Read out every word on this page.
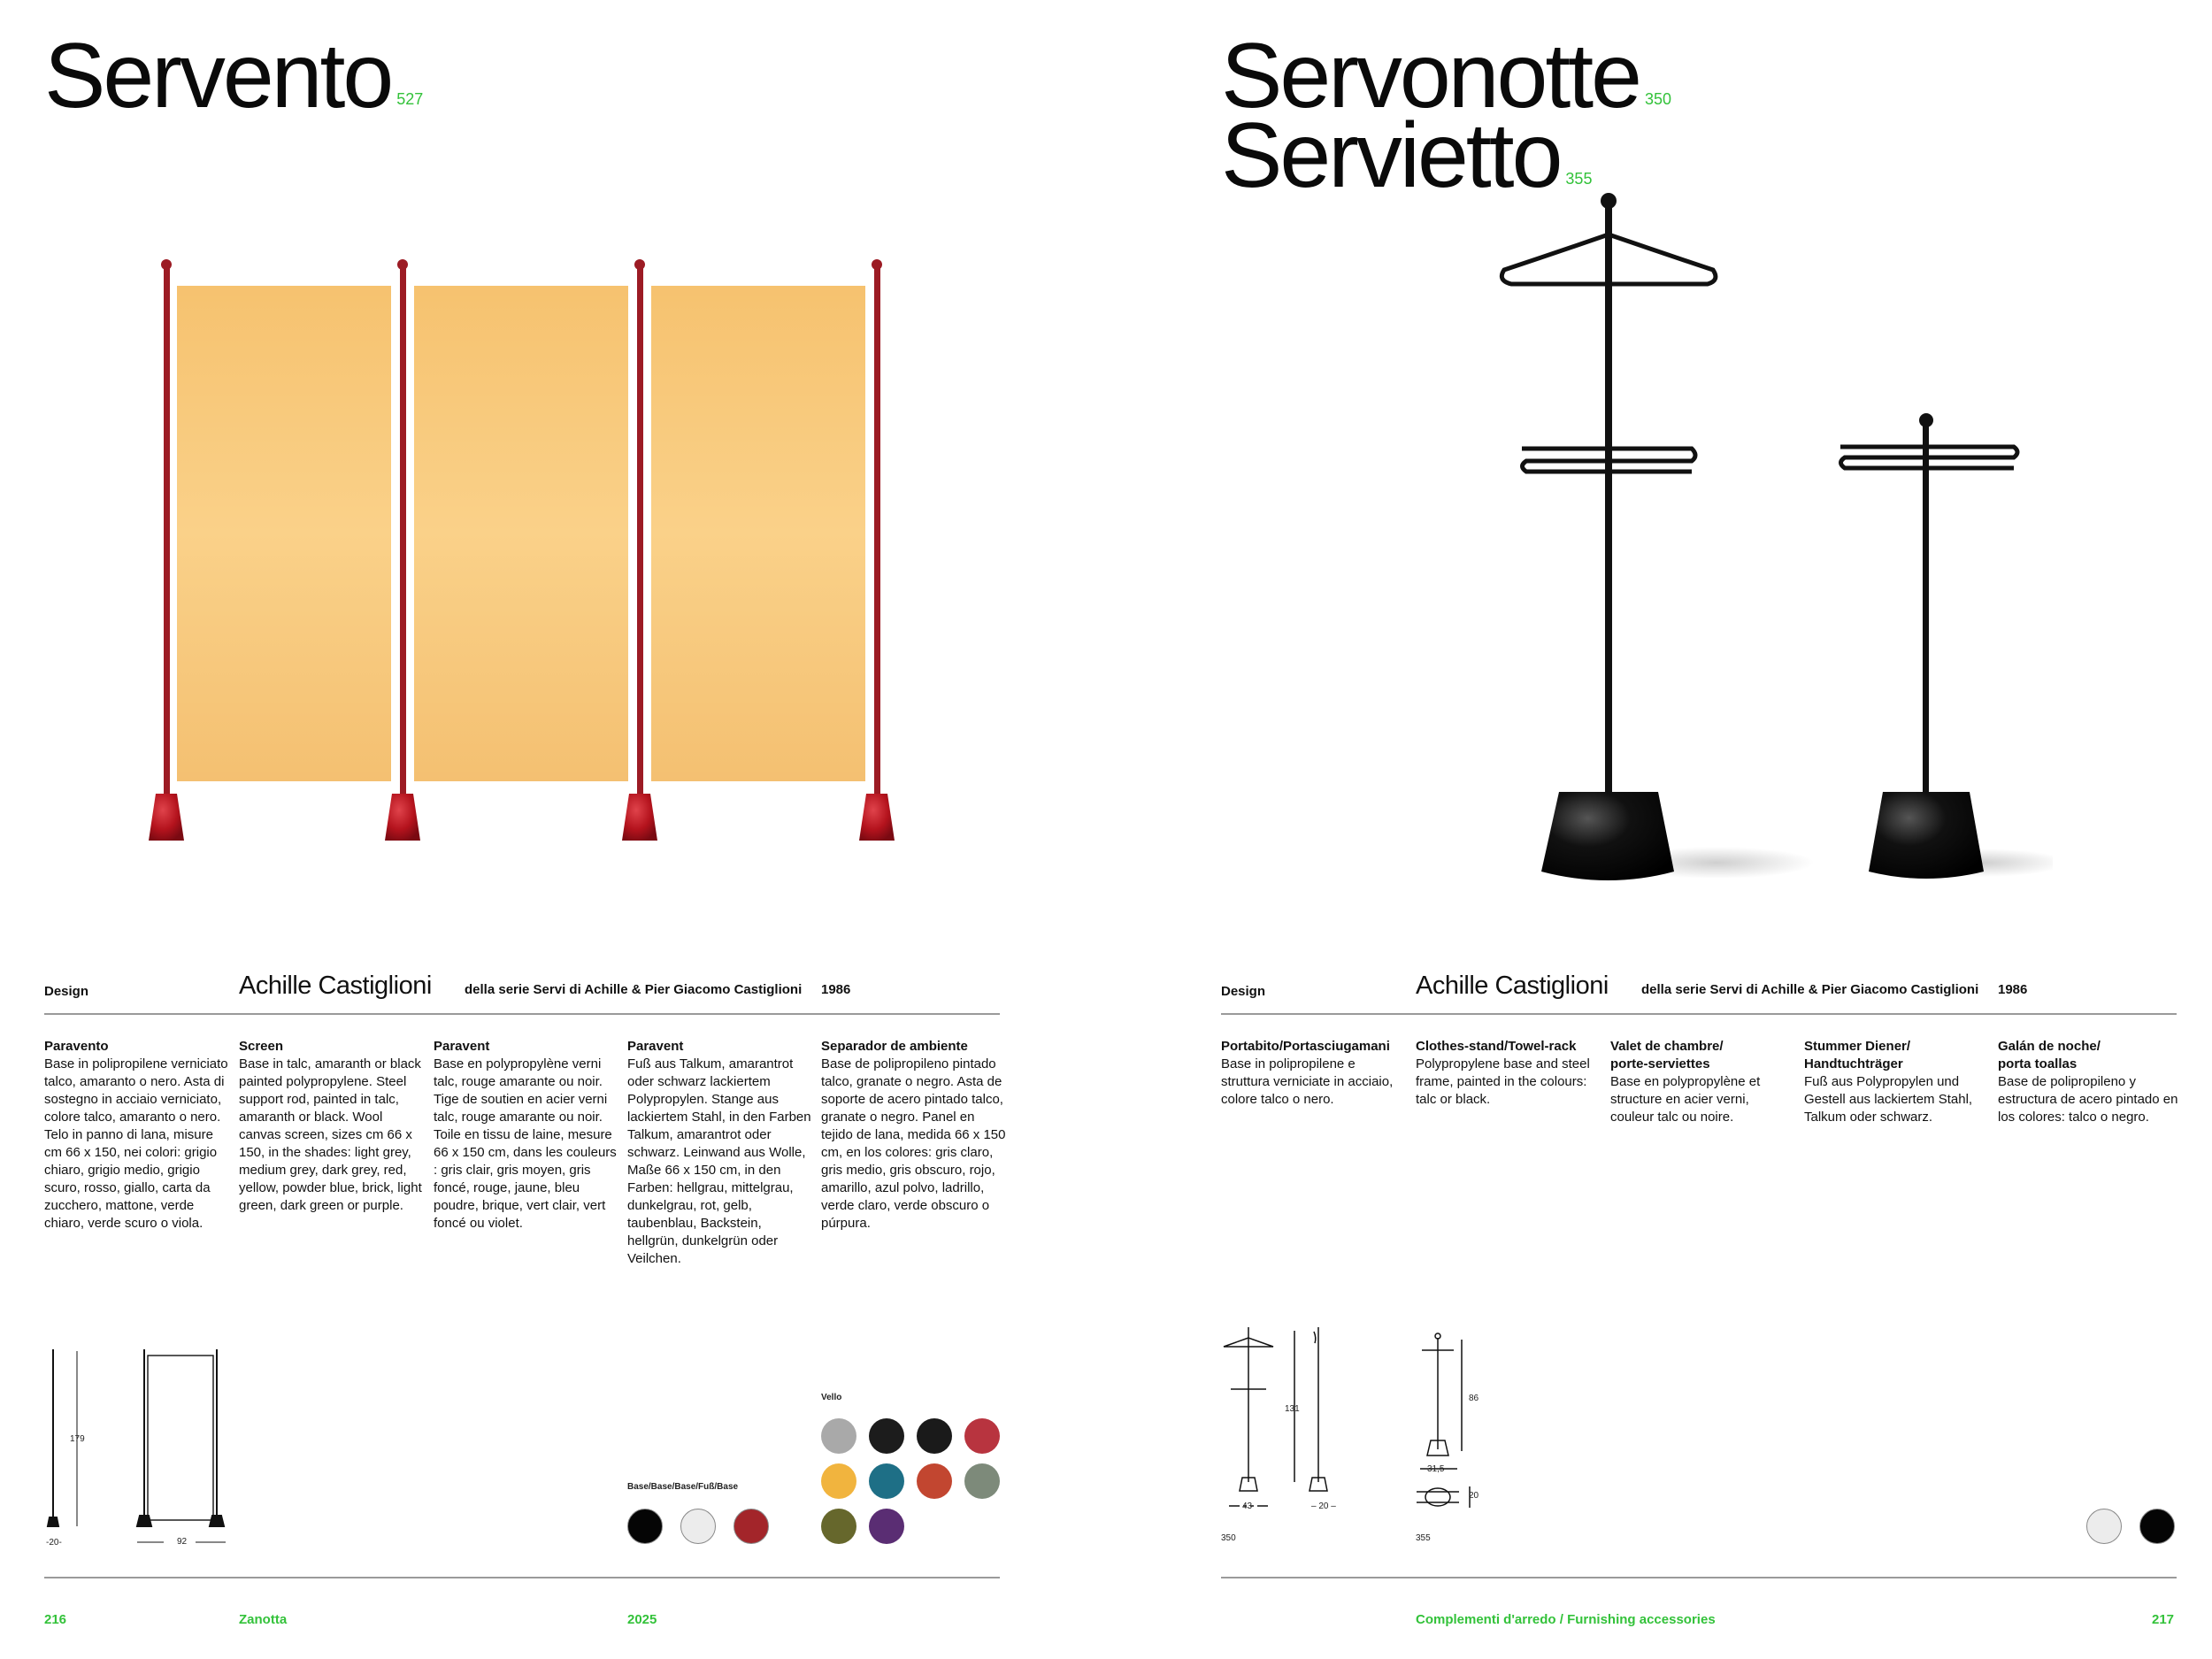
Servento $^{527}$
Design	Achille Castiglioni della serie Servi di Achille & Pier Giacomo Castiglioni 1986
Paravento

Base in polipropilene verniciato talco, amaranto o nero. Asta di sostegno in acciaio verniciato, colore talco, amaranto o nero. Telo in panno di lana, misure cm 66 x 150, nei colori: grigio chiaro, grigio medio, grigio scuro, rosso, giallo, carta da zucchero, mattone, verde chiaro, verde scuro o viola.

Screen

Base in talc, amaranth or black painted polypropylene. Steel support rod, painted in talc, amaranth or black. Wool canvas screen, sizes cm 66 x 150, in the shades: light grey, medium grey, dark grey, red, yellow, powder blue, brick, light green, dark green or purple.

Paravent

Base en polypropylène verni talc, rouge amarante ou noir. Tige de soutien en acier verni talc, rouge amarante ou noir. Toile en tissu de laine, mesure 66 x 150 cm, dans les couleurs : gris clair, gris moyen, gris foncé, rouge, jaune, bleu poudre, brique, vert clair, vert foncé ou violet.

Paravent

Fuß aus Talkum, amarantrot oder schwarz lackiertem Polypropylen. Stange aus lackiertem Stahl, in den Farben Talkum, amarantrot oder schwarz. Leinwand aus Wolle, Maße 66 x 150 cm, in den Farben: hellgrau, mittelgrau, dunkelgrau, rot, gelb, taubenblau, Backstein, hellgrün, dunkelgrün oder Veilchen.

Separador de ambiente

Base de polipropileno pintado talco, granate o negro. Asta de soporte de acero pintado talco, granate o negro. Panel en tejido de lana, medida 66 x 150 cm, en los colores: gris claro, gris medio, gris obscuro, rojo, amarillo, azul polvo, ladrillo, verde claro, verde obscuro o púrpura.

179
-20-	92
Base/Base/Base/Fuß/Base
Vello
216	Zanotta	2025
Servonotte $^{350}$
Servietto $^{355}$
Design	Achille Castiglioni della serie Servi di Achille & Pier Giacomo Castiglioni 1986
Portabito/Portasciugamani

Base in polipropilene e struttura verniciate in acciaio, colore talco o nero.

Clothes-stand/Towel-rack

Polypropylene base and steel frame, painted in the colours: talc or black.

Valet de chambre/
porte-serviettes

Base en polypropylène et structure en acier verni, couleur talc ou noire.

Stummer Diener/
Handtuchträger

Fuß aus Polypropylen und Gestell aus lackiertem Stahl, Talkum oder schwarz.

Galán de noche/
porta toallas

Base de polipropileno y estructura de acero pintado en los colores: talco o negro.

131
43	– 20 –
350
86
31,5
20
355
Complementi d'arredo / Furnishing accessories	217
